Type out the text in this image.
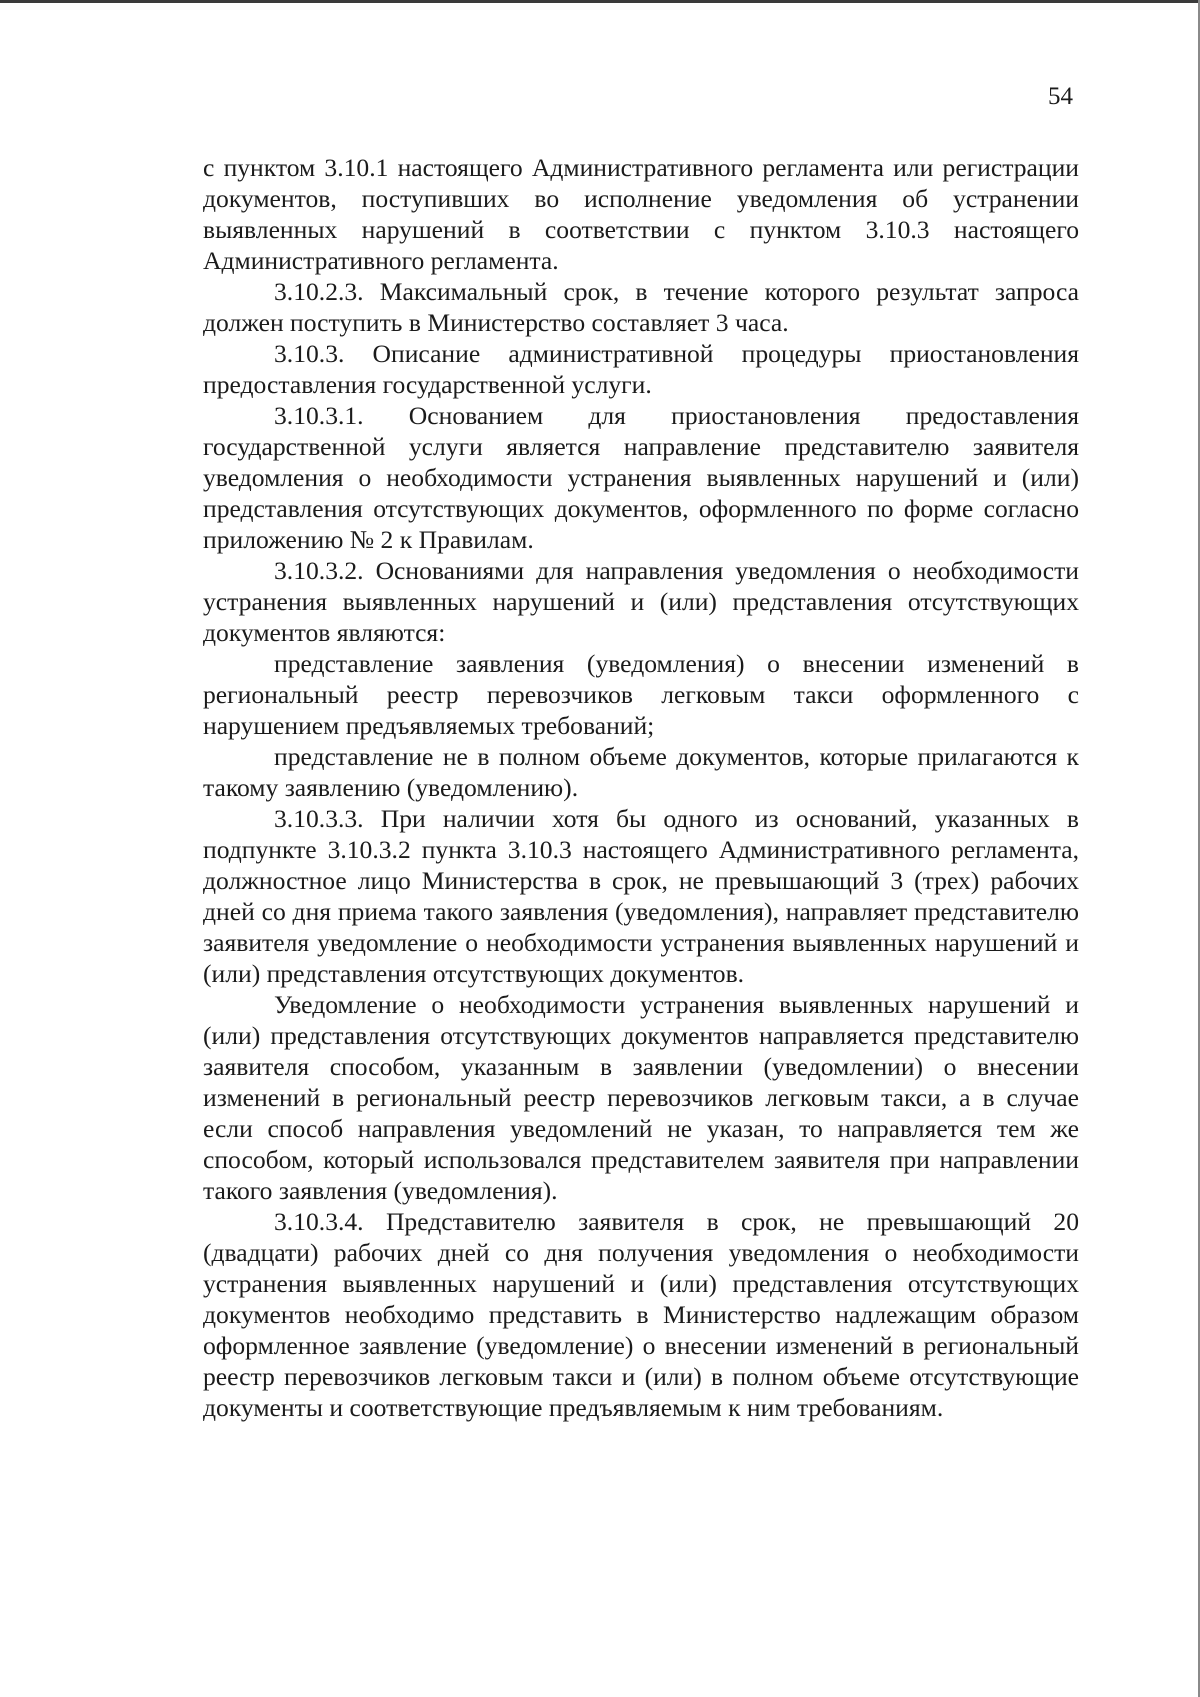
54

с пунктом 3.10.1 настоящего Административного регламента или регистрации документов, поступивших во исполнение уведомления об устранении выявленных нарушений в соответствии с пунктом 3.10.3 настоящего Административного регламента.

3.10.2.3. Максимальный срок, в течение которого результат запроса должен поступить в Министерство составляет 3 часа.

3.10.3. Описание административной процедуры приостановления предоставления государственной услуги.

3.10.3.1. Основанием для приостановления предоставления государственной услуги является направление представителю заявителя уведомления о необходимости устранения выявленных нарушений и (или) представления отсутствующих документов, оформленного по форме согласно приложению № 2 к Правилам.

3.10.3.2. Основаниями для направления уведомления о необходимости устранения выявленных нарушений и (или) представления отсутствующих документов являются:

представление заявления (уведомления) о внесении изменений в региональный реестр перевозчиков легковым такси оформленного с нарушением предъявляемых требований;

представление не в полном объеме документов, которые прилагаются к такому заявлению (уведомлению).

3.10.3.3. При наличии хотя бы одного из оснований, указанных в подпункте 3.10.3.2 пункта 3.10.3 настоящего Административного регламента, должностное лицо Министерства в срок, не превышающий 3 (трех) рабочих дней со дня приема такого заявления (уведомления), направляет представителю заявителя уведомление о необходимости устранения выявленных нарушений и (или) представления отсутствующих документов.

Уведомление о необходимости устранения выявленных нарушений и (или) представления отсутствующих документов направляется представителю заявителя способом, указанным в заявлении (уведомлении) о внесении изменений в региональный реестр перевозчиков легковым такси, а в случае если способ направления уведомлений не указан, то направляется тем же способом, который использовался представителем заявителя при направлении такого заявления (уведомления).

3.10.3.4. Представителю заявителя в срок, не превышающий 20 (двадцати) рабочих дней со дня получения уведомления о необходимости устранения выявленных нарушений и (или) представления отсутствующих документов необходимо представить в Министерство надлежащим образом оформленное заявление (уведомление) о внесении изменений в региональный реестр перевозчиков легковым такси и (или) в полном объеме отсутствующие документы и соответствующие предъявляемым к ним требованиям.
